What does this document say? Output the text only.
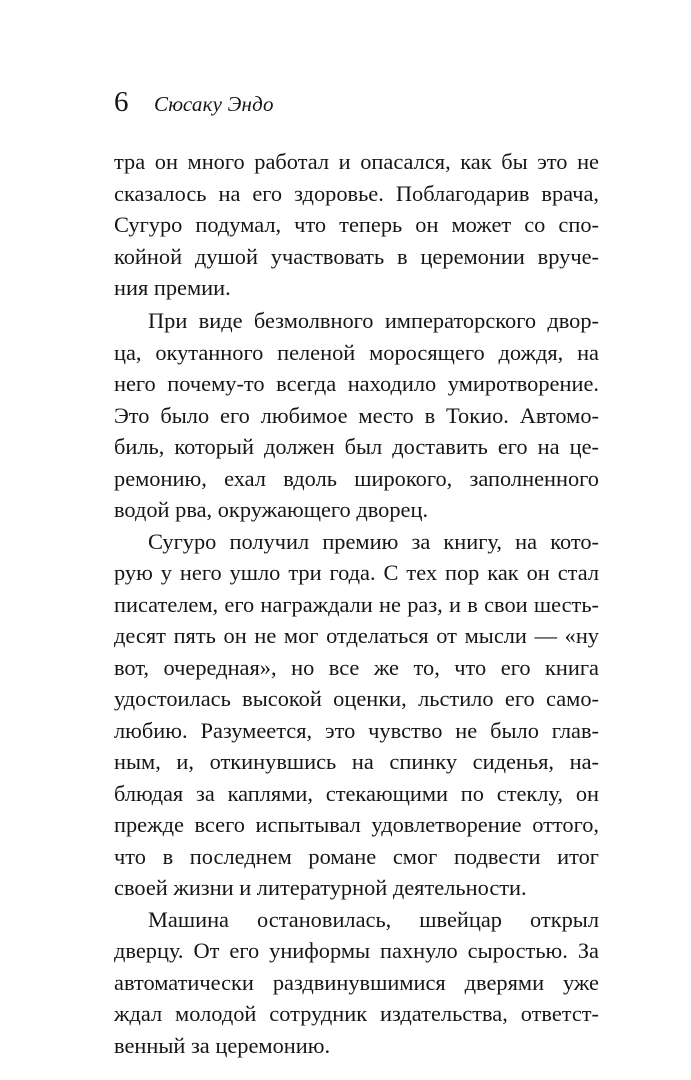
6	Сюсаку Эндо
тра он много работал и опасался, как бы это не
сказалось на его здоровье. Поблагодарив врача,
Сугуро подумал, что теперь он может со спо-
койной душой участвовать в церемонии вруче-
ния премии.
При виде безмолвного императорского двор-
ца, окутанного пеленой моросящего дождя, на
него почему-то всегда находило умиротворение.
Это было его любимое место в Токио. Автомо-
биль, который должен был доставить его на це-
ремонию, ехал вдоль широкого, заполненного
водой рва, окружающего дворец.
Сугуро получил премию за книгу, на кото-
рую у него ушло три года. С тех пор как он стал
писателем, его награждали не раз, и в свои шесть-
десят пять он не мог отделаться от мысли — «ну
вот, очередная», но все же то, что его книга
удостоилась высокой оценки, льстило его само-
любию. Разумеется, это чувство не было глав-
ным, и, откинувшись на спинку сиденья, на-
блюдая за каплями, стекающими по стеклу, он
прежде всего испытывал удовлетворение оттого,
что в последнем романе смог подвести итог
своей жизни и литературной деятельности.
Машина остановилась, швейцар открыл
дверцу. От его униформы пахнуло сыростью. За
автоматически раздвинувшимися дверями уже
ждал молодой сотрудник издательства, ответст-
венный за церемонию.
